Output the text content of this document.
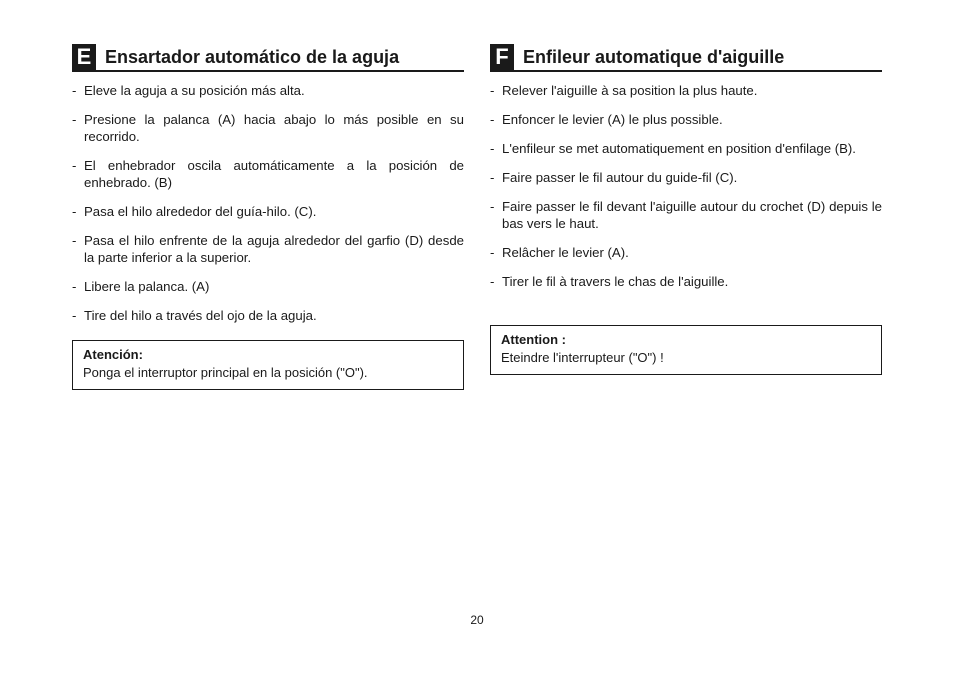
E Ensartador automático de la aguja
- Eleve la aguja a su posición más alta.
- Presione la palanca (A) hacia abajo lo más posible en su recorrido.
- El enhebrador oscila automáticamente a la posición de enhebrado. (B)
- Pasa el hilo alrededor del guía-hilo. (C).
- Pasa el hilo enfrente de la aguja alrededor del garfio (D) desde la parte inferior a la superior.
- Libere la palanca. (A)
- Tire del hilo a través del ojo de la aguja.
Atención:
Ponga el interruptor principal en la posición ("O").
F Enfileur automatique d'aiguille
- Relever l'aiguille à sa position la plus haute.
- Enfoncer le levier (A) le plus possible.
- L'enfileur se met automatiquement en position d'enfilage (B).
- Faire passer le fil autour du guide-fil (C).
- Faire passer le fil devant l'aiguille autour du crochet (D) depuis le bas vers le haut.
- Relâcher le levier (A).
- Tirer le fil à travers le chas de l'aiguille.
Attention :
Eteindre l'interrupteur ("O") !
20
